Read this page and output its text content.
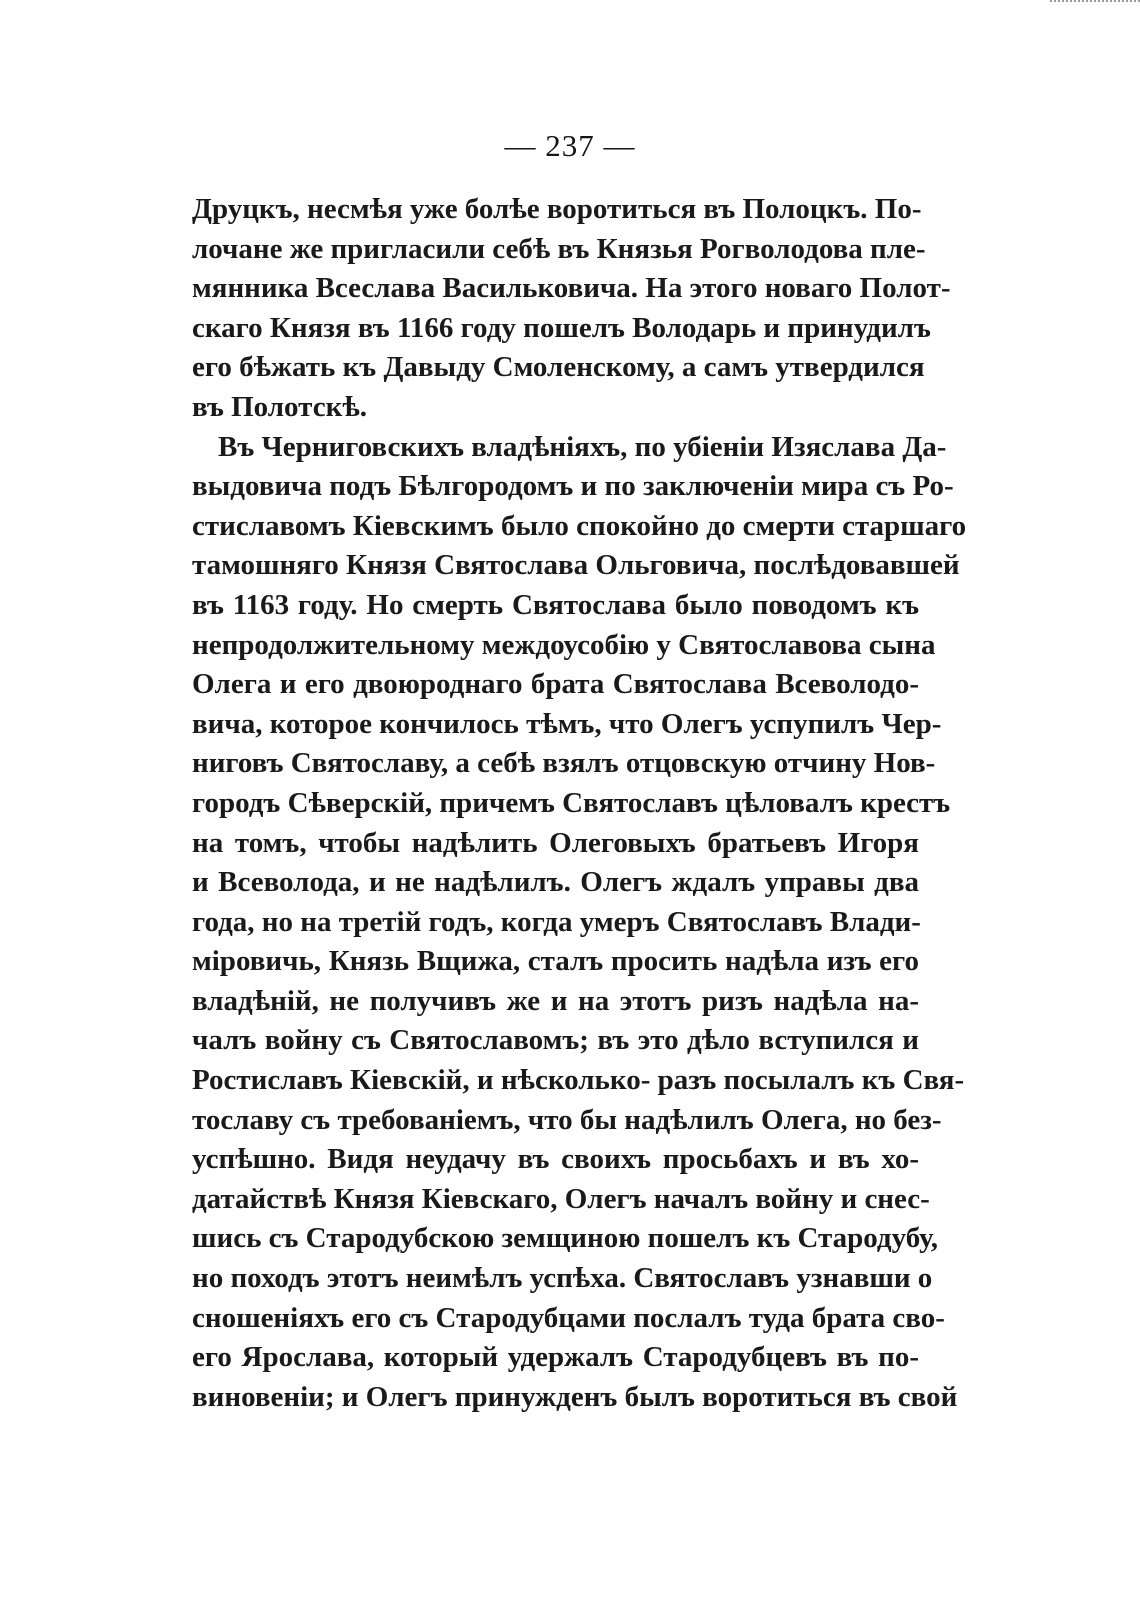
— 237 —
Друцкъ, несмѣя уже болѣе воротиться въ Полоцкъ. По-
лочане же пригласили себѣ въ Князья Рогволодова пле-
мянника Всеслава Васильковича. На этого новаго Полот-
скаго Князя въ 1166 году пошелъ Володарь и принудилъ
его бѣжать къ Давыду Смоленскому, а самъ утвердился
въ Полотскѣ.
Въ Черниговскихъ владѣніяхъ, по убіеніи Изяслава Да-
выдовича подъ Бѣлгородомъ и по заключеніи мира съ Ро-
стиславомъ Кіевскимъ было спокойно до смерти старшаго
тамошняго Князя Святослава Ольговича, послѣдовавшей
въ 1163 году. Но смерть Святослава было поводомъ къ
непродолжительному междоусобію у Святославова сына
Олега и его двоюроднаго брата Святослава Всеволодо-
вича, которое кончилось тѣмъ, что Олегъ успупилъ Чер-
ниговъ Святославу, а себѣ взялъ отцовскую отчину Нов-
городъ Сѣверскій, причемъ Святославъ цѣловалъ крестъ
на томъ, чтобы надѣлить Олеговыхъ братьевъ Игоря
и Всеволода, и не надѣлилъ. Олегъ ждалъ управы два
года, но на третій годъ, когда умеръ Святославъ Влади-
міровичь, Князь Вщижа, сталъ просить надѣла изъ его
владѣній, не получивъ же и на этотъ ризъ надѣла на-
чалъ войну съ Святославомъ; въ это дѣло вступился и
Ростиславъ Кіевскій, и нѣсколько- разъ посылалъ къ Свя-
тославу съ требованіемъ, что бы надѣлилъ Олега, но без-
успѣшно. Видя неудачу въ своихъ просьбахъ и въ хо-
датайствѣ Князя Кіевскаго, Олегъ началъ войну и снес-
шись съ Стародубскою земщиною пошелъ къ Стародубу,
но походъ этотъ неимѣлъ успѣха. Святославъ узнавши о
сношеніяхъ его съ Стародубцами послалъ туда брата сво-
его Ярослава, который удержалъ Стародубцевъ въ по-
виновеніи; и Олегъ принужденъ былъ воротиться въ свой
